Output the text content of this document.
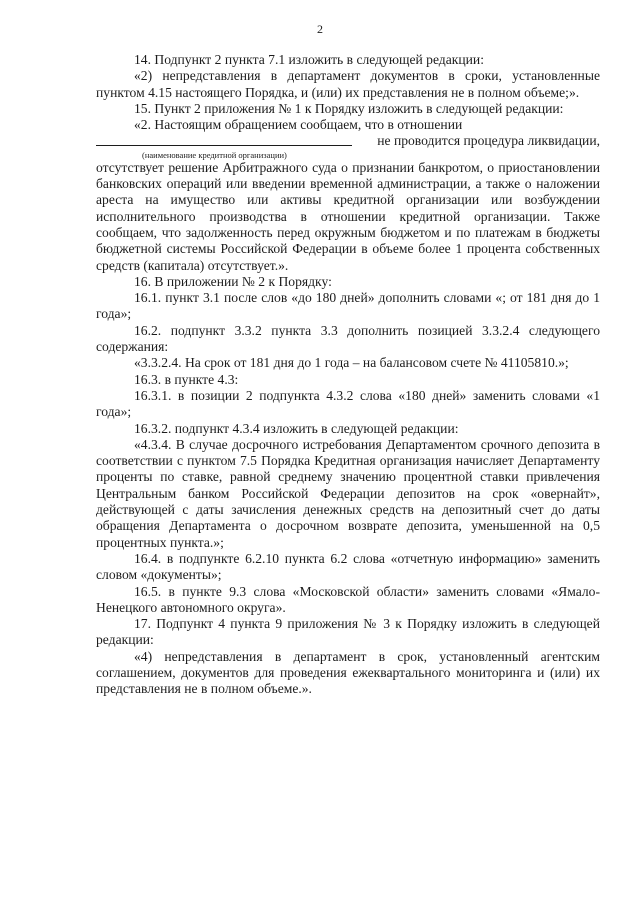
2

14. Подпункт 2 пункта 7.1 изложить в следующей редакции:

«2) непредставления в департамент документов в сроки, установленные пунктом 4.15 настоящего Порядка, и (или) их представления не в полном объеме;».

15. Пункт 2 приложения № 1 к Порядку изложить в следующей редакции:

«2. Настоящим обращением сообщаем, что в отношении

не проводится процедура ликвидации,

(наименование кредитной организации)

отсутствует решение Арбитражного суда о признании банкротом, о приостановлении банковских операций или введении временной администрации, а также о наложении ареста на имущество или активы кредитной организации или возбуждении исполнительного производства в отношении кредитной организации. Также сообщаем, что задолженность перед окружным бюджетом и по платежам в бюджеты бюджетной системы Российской Федерации в объеме более 1 процента собственных средств (капитала) отсутствует.».

16. В приложении № 2 к Порядку:

16.1. пункт 3.1 после слов «до 180 дней» дополнить словами «; от 181 дня до 1 года»;

16.2. подпункт 3.3.2 пункта 3.3 дополнить позицией 3.3.2.4 следующего содержания:

«3.3.2.4. На срок от 181 дня до 1 года – на балансовом счете № 41105810.»;

16.3. в пункте 4.3:

16.3.1. в позиции 2 подпункта 4.3.2 слова «180 дней» заменить словами «1 года»;

16.3.2. подпункт 4.3.4 изложить в следующей редакции:

«4.3.4. В случае досрочного истребования Департаментом срочного депозита в соответствии с пунктом 7.5 Порядка Кредитная организация начисляет Департаменту проценты по ставке, равной среднему значению процентной ставки привлечения Центральным банком Российской Федерации депозитов на срок «овернайт», действующей с даты зачисления денежных средств на депозитный счет до даты обращения Департамента о досрочном возврате депозита, уменьшенной на 0,5 процентных пункта.»;

16.4. в подпункте 6.2.10 пункта 6.2 слова «отчетную информацию» заменить словом «документы»;

16.5. в пункте 9.3 слова «Московской области» заменить словами «Ямало-Ненецкого автономного округа».

17. Подпункт 4 пункта 9 приложения № 3 к Порядку изложить в следующей редакции:

«4) непредставления в департамент в срок, установленный агентским соглашением, документов для проведения ежеквартального мониторинга и (или) их представления не в полном объеме.».
